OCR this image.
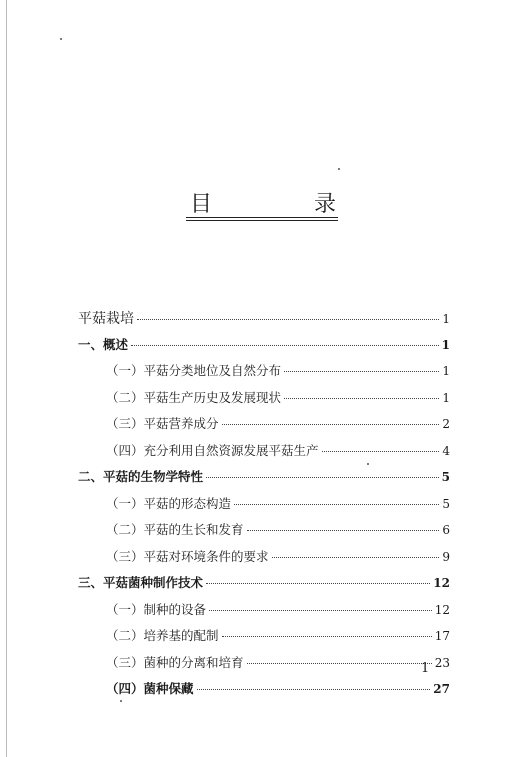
目	录
平菇栽培	1
一、概述	1
（一）平菇分类地位及自然分布	1
（二）平菇生产历史及发展现状	1
（三）平菇营养成分	2
（四）充分利用自然资源发展平菇生产	4
二、平菇的生物学特性	5
（一）平菇的形态构造	5
（二）平菇的生长和发育	6
（三）平菇对环境条件的要求	9
三、平菇菌种制作技术	12
（一）制种的设备	12
（二）培养基的配制	17
（三）菌种的分离和培育	23
（四）菌种保藏	27
1
